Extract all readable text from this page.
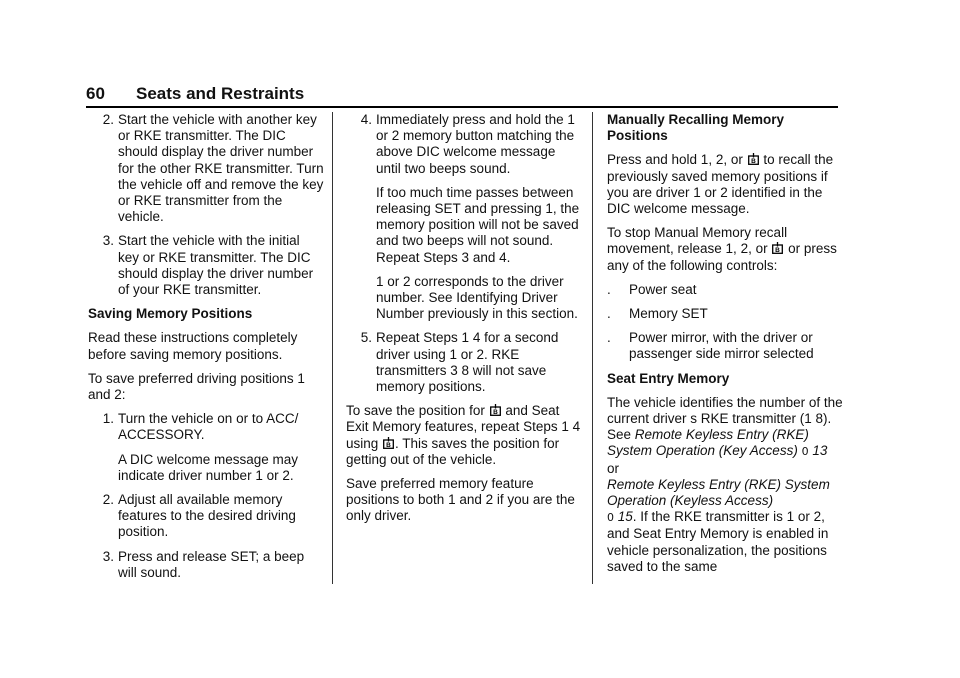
60 Seats and Restraints
2. Start the vehicle with another key or RKE transmitter. The DIC should display the driver number for the other RKE transmitter. Turn the vehicle off and remove the key or RKE transmitter from the vehicle.
3. Start the vehicle with the initial key or RKE transmitter. The DIC should display the driver number of your RKE transmitter.
Saving Memory Positions

Read these instructions completely before saving memory positions.

To save preferred driving positions 1 and 2:

1. Turn the vehicle on or to ACC/ ACCESSORY.
A DIC welcome message may indicate driver number 1 or 2.
2. Adjust all available memory features to the desired driving position.
3. Press and release SET; a beep will sound.
4. Immediately press and hold the 1 or 2 memory button matching the above DIC welcome message until two beeps sound.
If too much time passes between releasing SET and pressing 1, the memory position will not be saved and two beeps will not sound. Repeat Steps 3 and 4.
1 or 2 corresponds to the driver number. See Identifying Driver Number previously in this section.
5. Repeat Steps 1 4 for a second driver using 1 or 2. RKE transmitters 3 8 will not save memory positions.

To save the position for B and Seat Exit Memory features, repeat Steps 1 4 using B . This saves the position for getting out of the vehicle.

Save preferred memory feature positions to both 1 and 2 if you are the only driver.

Manually Recalling Memory Positions

Press and hold 1, 2, or B to recall the previously saved memory positions if you are driver 1 or 2 identified in the DIC welcome message.

To stop Manual Memory recall movement, release 1, 2, or B or press any of the following controls:

. Power seat
. Memory SET
. Power mirror, with the driver or passenger side mirror selected
Seat Entry Memory

The vehicle identifies the number of the current driver s RKE transmitter (1 8). See Remote Keyless Entry (RKE) System Operation (Key Access) 0 13 or
Remote Keyless Entry (RKE) System Operation (Keyless Access)
0 15. If the RKE transmitter is 1 or 2, and Seat Entry Memory is enabled in vehicle personalization, the positions saved to the same
